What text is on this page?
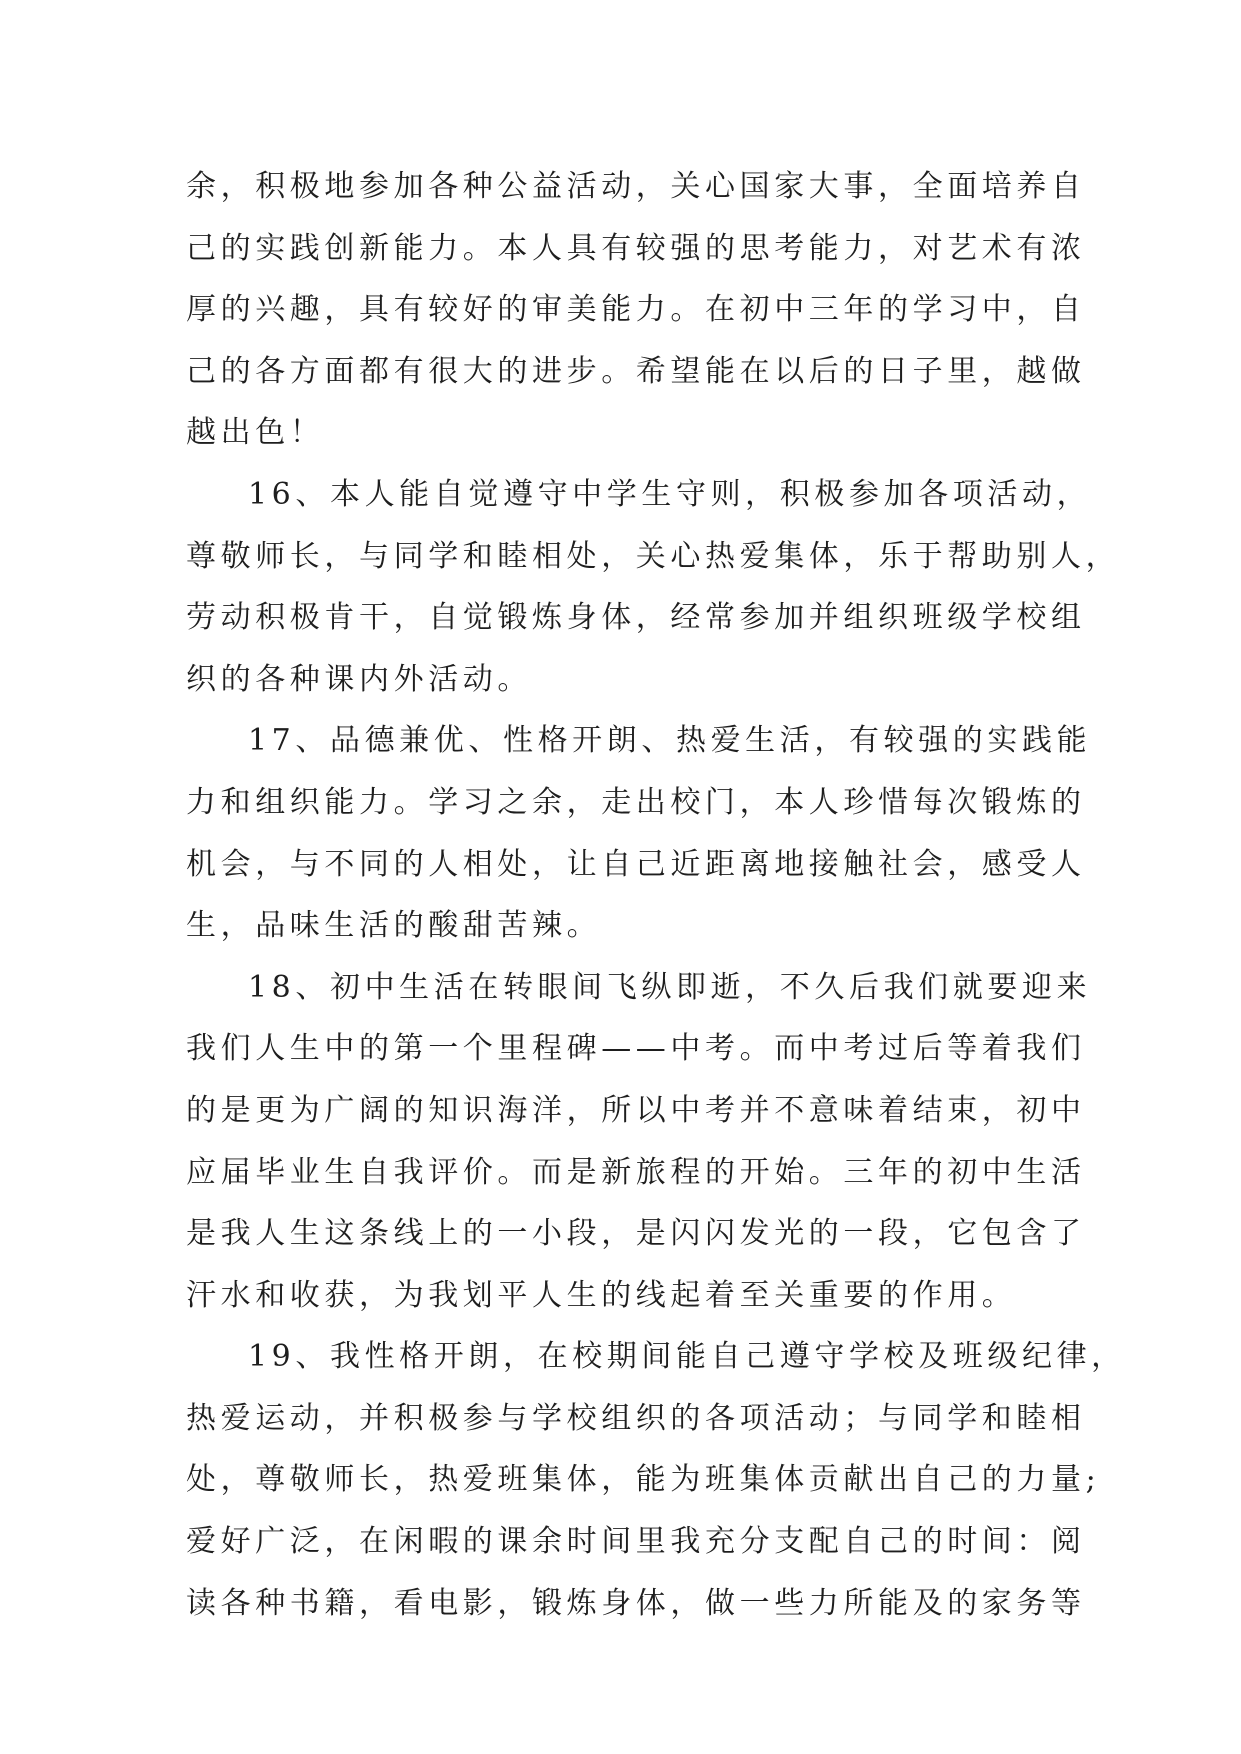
余，积极地参加各种公益活动，关心国家大事，全面培养自
己的实践创新能力。本人具有较强的思考能力，对艺术有浓
厚的兴趣，具有较好的审美能力。在初中三年的学习中，自
己的各方面都有很大的进步。希望能在以后的日子里，越做
越出色！
16、本人能自觉遵守中学生守则，积极参加各项活动，
尊敬师长，与同学和睦相处，关心热爱集体，乐于帮助别人，
劳动积极肯干，自觉锻炼身体，经常参加并组织班级学校组
织的各种课内外活动。
17、品德兼优、性格开朗、热爱生活，有较强的实践能
力和组织能力。学习之余，走出校门，本人珍惜每次锻炼的
机会，与不同的人相处，让自己近距离地接触社会，感受人
生，品味生活的酸甜苦辣。
18、初中生活在转眼间飞纵即逝，不久后我们就要迎来
我们人生中的第一个里程碑——中考。而中考过后等着我们
的是更为广阔的知识海洋，所以中考并不意味着结束，初中
应届毕业生自我评价。而是新旅程的开始。三年的初中生活
是我人生这条线上的一小段，是闪闪发光的一段，它包含了
汗水和收获，为我划平人生的线起着至关重要的作用。
19、我性格开朗，在校期间能自己遵守学校及班级纪律，
热爱运动，并积极参与学校组织的各项活动；与同学和睦相
处，尊敬师长，热爱班集体，能为班集体贡献出自己的力量;
爱好广泛，在闲暇的课余时间里我充分支配自己的时间：阅
读各种书籍，看电影，锻炼身体，做一些力所能及的家务等
